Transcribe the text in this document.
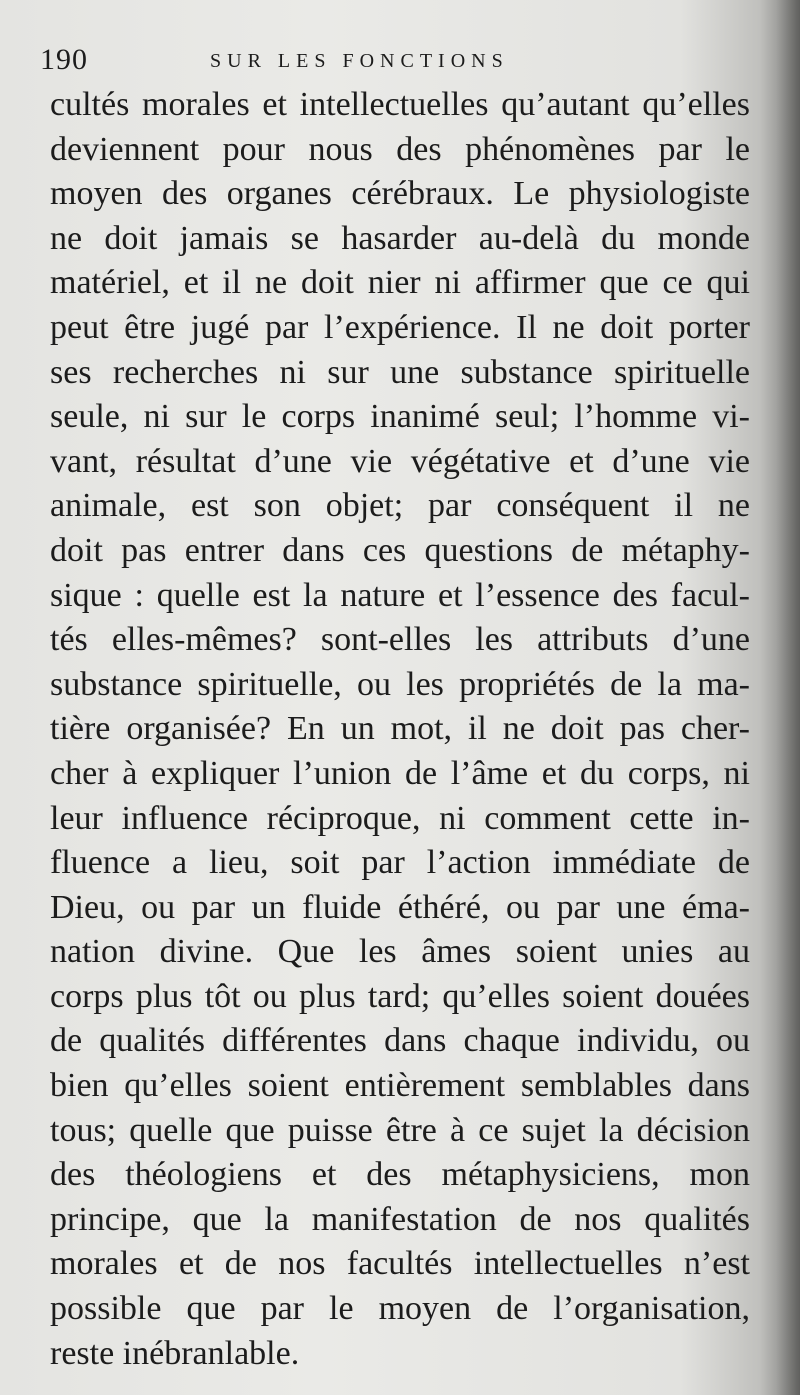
190	SUR LES FONCTIONS
cultés morales et intellectuelles qu’autant qu’elles
deviennent pour nous des phénomènes par le
moyen des organes cérébraux. Le physiologiste
ne doit jamais se hasarder au-delà du monde
matériel, et il ne doit nier ni affirmer que ce qui
peut être jugé par l’expérience. Il ne doit porter
ses recherches ni sur une substance spirituelle
seule, ni sur le corps inanimé seul; l’homme vi-
vant, résultat d’une vie végétative et d’une vie
animale, est son objet; par conséquent il ne
doit pas entrer dans ces questions de métaphy-
sique : quelle est la nature et l’essence des facul-
tés elles-mêmes? sont-elles les attributs d’une
substance spirituelle, ou les propriétés de la ma-
tière organisée? En un mot, il ne doit pas cher-
cher à expliquer l’union de l’âme et du corps, ni
leur influence réciproque, ni comment cette in-
fluence a lieu, soit par l’action immédiate de
Dieu, ou par un fluide éthéré, ou par une éma-
nation divine. Que les âmes soient unies au
corps plus tôt ou plus tard; qu’elles soient douées
de qualités différentes dans chaque individu, ou
bien qu’elles soient entièrement semblables dans
tous; quelle que puisse être à ce sujet la décision
des théologiens et des métaphysiciens, mon
principe, que la manifestation de nos qualités
morales et de nos facultés intellectuelles n’est
possible que par le moyen de l’organisation,
reste inébranlable.
